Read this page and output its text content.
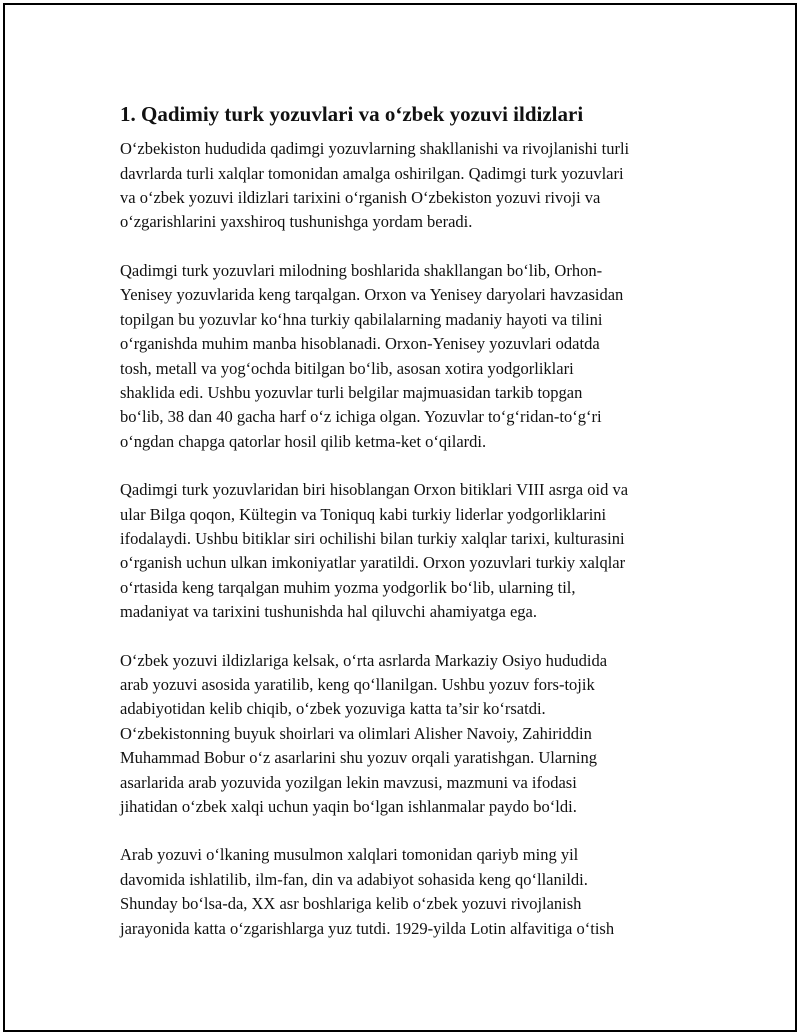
1. Qadimiy turk yozuvlari va o‘zbek yozuvi ildizlari

O‘zbekiston hududida qadimgi yozuvlarning shakllanishi va rivojlanishi turli
davrlarda turli xalqlar tomonidan amalga oshirilgan. Qadimgi turk yozuvlari
va o‘zbek yozuvi ildizlari tarixini o‘rganish O‘zbekiston yozuvi rivoji va
o‘zgarishlarini yaxshiroq tushunishga yordam beradi.

Qadimgi turk yozuvlari milodning boshlarida shakllangan bo‘lib, Orhon-
Yenisey yozuvlarida keng tarqalgan. Orxon va Yenisey daryolari havzasidan
topilgan bu yozuvlar ko‘hna turkiy qabilalarning madaniy hayoti va tilini
o‘rganishda muhim manba hisoblanadi. Orxon-Yenisey yozuvlari odatda
tosh, metall va yog‘ochda bitilgan bo‘lib, asosan xotira yodgorliklari
shaklida edi. Ushbu yozuvlar turli belgilar majmuasidan tarkib topgan
bo‘lib, 38 dan 40 gacha harf o‘z ichiga olgan. Yozuvlar to‘g‘ridan-to‘g‘ri
o‘ngdan chapga qatorlar hosil qilib ketma-ket o‘qilardi.

Qadimgi turk yozuvlaridan biri hisoblangan Orxon bitiklari VIII asrga oid va
ular Bilga qoqon, Kültegin va Toniquq kabi turkiy liderlar yodgorliklarini
ifodalaydi. Ushbu bitiklar siri ochilishi bilan turkiy xalqlar tarixi, kulturasini
o‘rganish uchun ulkan imkoniyatlar yaratildi. Orxon yozuvlari turkiy xalqlar
o‘rtasida keng tarqalgan muhim yozma yodgorlik bo‘lib, ularning til,
madaniyat va tarixini tushunishda hal qiluvchi ahamiyatga ega.

O‘zbek yozuvi ildizlariga kelsak, o‘rta asrlarda Markaziy Osiyo hududida
arab yozuvi asosida yaratilib, keng qo‘llanilgan. Ushbu yozuv fors-tojik
adabiyotidan kelib chiqib, o‘zbek yozuviga katta ta’sir ko‘rsatdi.
O‘zbekistonning buyuk shoirlari va olimlari Alisher Navoiy, Zahiriddin
Muhammad Bobur o‘z asarlarini shu yozuv orqali yaratishgan. Ularning
asarlarida arab yozuvida yozilgan lekin mavzusi, mazmuni va ifodasi
jihatidan o‘zbek xalqi uchun yaqin bo‘lgan ishlanmalar paydo bo‘ldi.

Arab yozuvi o‘lkaning musulmon xalqlari tomonidan qariyb ming yil
davomida ishlatilib, ilm-fan, din va adabiyot sohasida keng qo‘llanildi.
Shunday bo‘lsa-da, XX asr boshlariga kelib o‘zbek yozuvi rivojlanish
jarayonida katta o‘zgarishlarga yuz tutdi. 1929-yilda Lotin alfavitiga o‘tish
